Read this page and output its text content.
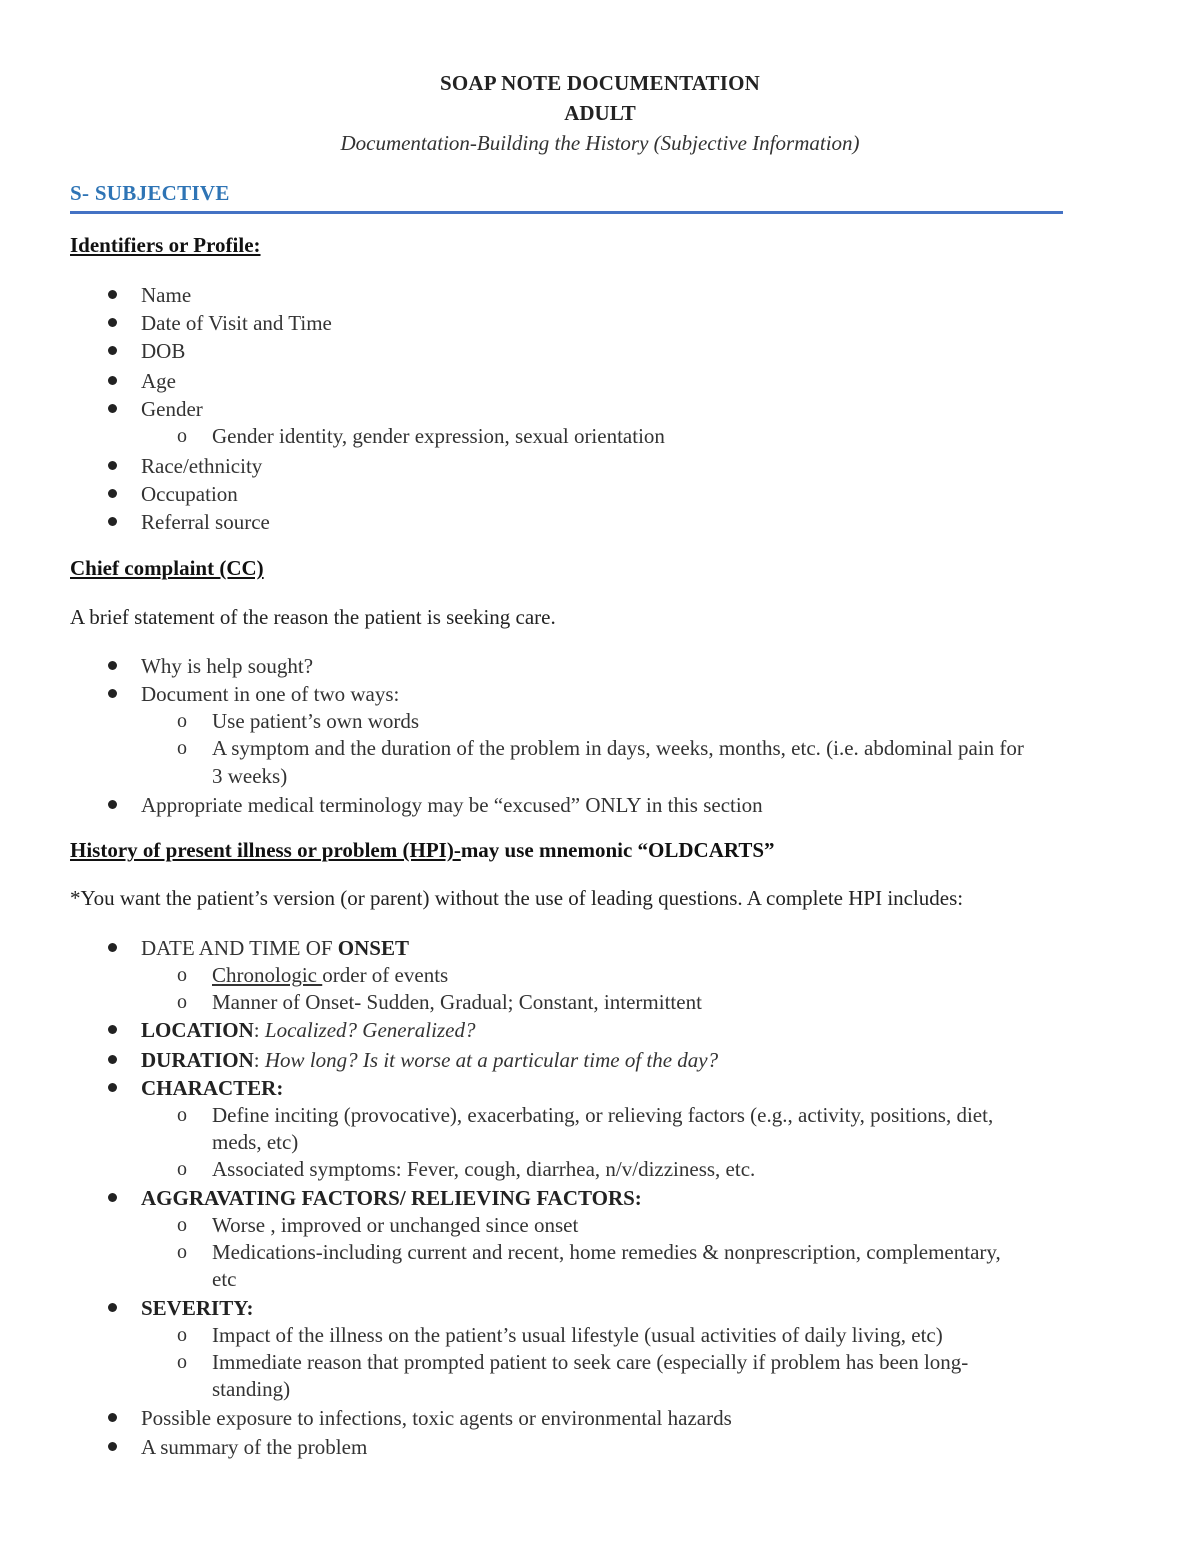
SOAP NOTE DOCUMENTATION
ADULT
Documentation-Building the History (Subjective Information)
S- SUBJECTIVE
Identifiers or Profile:
Name
Date of Visit and Time
DOB
Age
Gender
o Gender identity, gender expression, sexual orientation
Race/ethnicity
Occupation
Referral source
Chief complaint (CC)
A brief statement of the reason the patient is seeking care.
Why is help sought?
Document in one of two ways:
o Use patient’s own words
o A symptom and the duration of the problem in days, weeks, months, etc. (i.e. abdominal pain for
3 weeks)
Appropriate medical terminology may be “excused” ONLY in this section
History of present illness or problem (HPI)-may use mnemonic “OLDCARTS”
*You want the patient’s version (or parent) without the use of leading questions. A complete HPI includes:
DATE AND TIME OF ONSET
o Chronologic order of events
o Manner of Onset- Sudden, Gradual; Constant, intermittent
LOCATION: Localized? Generalized?
DURATION: How long? Is it worse at a particular time of the day?
CHARACTER:
o Define inciting (provocative), exacerbating, or relieving factors (e.g., activity, positions, diet,
meds, etc)
o Associated symptoms: Fever, cough, diarrhea, n/v/dizziness, etc.
AGGRAVATING FACTORS/ RELIEVING FACTORS:
o Worse , improved or unchanged since onset
o Medications-including current and recent, home remedies & nonprescription, complementary,
etc
SEVERITY:
o Impact of the illness on the patient’s usual lifestyle (usual activities of daily living, etc)
o Immediate reason that prompted patient to seek care (especially if problem has been long-
standing)
Possible exposure to infections, toxic agents or environmental hazards
A summary of the problem
